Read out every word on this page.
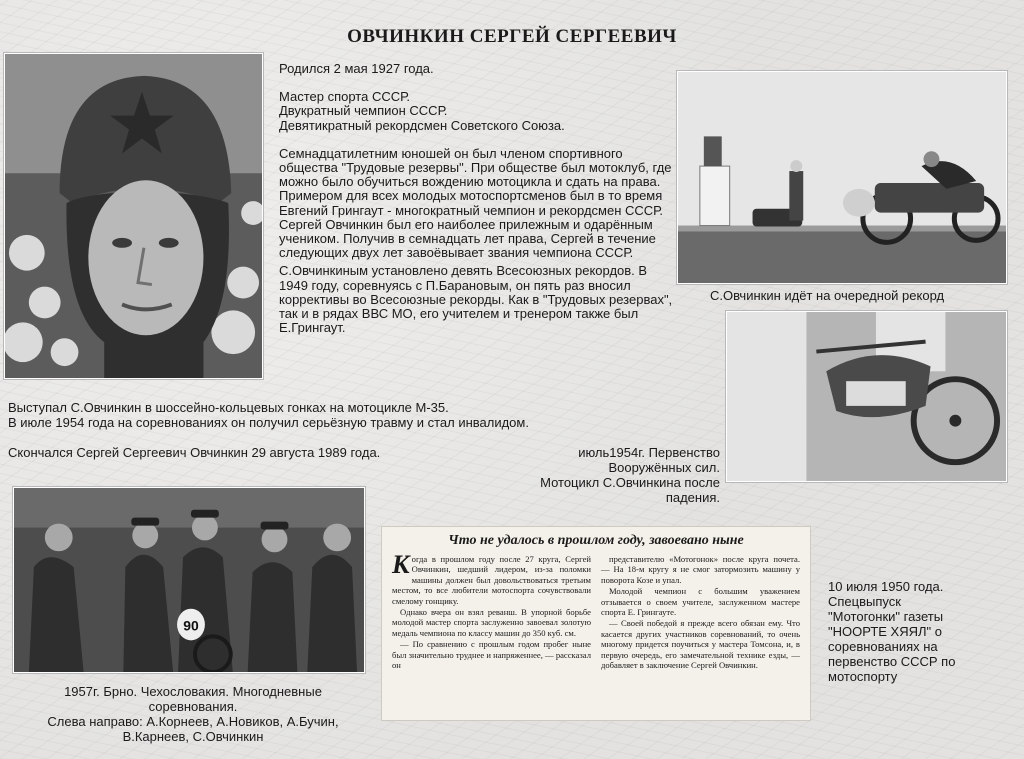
ОВЧИНКИН СЕРГЕЙ СЕРГЕЕВИЧ

Родился 2 мая 1927 года.

Мастер спорта СССР.
Двукратный чемпион СССР.
Девятикратный рекордсмен Советского Союза.

Семнадцатилетним юношей он был членом спортивного общества "Трудовые резервы". При обществе был мотоклуб, где можно было обучиться вождению мотоцикла и сдать на права. Примером для всех молодых мотоспортсменов был в то время Евгений Грингаут - многократный чемпион и рекордсмен СССР. Сергей Овчинкин был его наиболее прилежным и одарённым учеником. Получив в семнадцать лет права, Сергей в течение следующих двух лет завоёвывает звания чемпиона СССР.

С.Овчинкиным установлено девять Всесоюзных рекордов. В 1949 году, соревнуясь с П.Барановым, он пять раз вносил коррективы во Всесоюзные рекорды. Как в "Трудовых резервах", так и в рядах ВВС МО, его учителем и тренером также был Е.Грингаут.

Выступал С.Овчинкин в шоссейно-кольцевых гонках на мотоцикле М-35.
В июле 1954 года на соревнованиях он получил серьёзную травму и стал инвалидом.
Скончался Сергей Сергеевич Овчинкин 29 августа 1989 года.
С.Овчинкин идёт на очередной рекорд
июль1954г. Первенство
Вооружённых сил.
Мотоцикл С.Овчинкина после
падения.
90
1957г. Брно. Чехословакия. Многодневные
соревнования.
Слева направо: А.Корнеев, А.Новиков, А.Бучин,
В.Карнеев, С.Овчинкин
Что не удалось в прошлом году, завоевано ныне

Когда в прошлом году после 27 круга, Сергей Овчинкин, шедший лидером, из-за поломки машины должен был довольствоваться третьим местом, то все любители мотоспорта сочувствовали смелому гонщику.

Однако вчера он взял реванш. В упорной борьбе молодой мастер спорта заслуженно завоевал золотую медаль чемпиона по классу машин до 350 куб. см.

— По сравнению с прошлым годом пробег ныне был значительно труднее и напряженнее, — рассказал он

представителю «Мотогонок» после круга почета. — На 18-м кругу я не смог затормозить машину у поворота Козе и упал.

Молодой чемпион с большим уважением отзывается о своем учителе, заслуженном мастере спорта Е. Грингауте.

— Своей победой я прежде всего обязан ему. Что касается других участников соревнований, то очень многому придется поучиться у мастера Томсона, и, в первую очередь, его замечательной технике езды, — добавляет в заключение Сергей Овчинкин.

10 июля 1950 года.
Спецвыпуск
"Мотогонки" газеты
"НООРТЕ ХЯЯЛ" о
соревнованиях на
первенство СССР по
мотоспорту
